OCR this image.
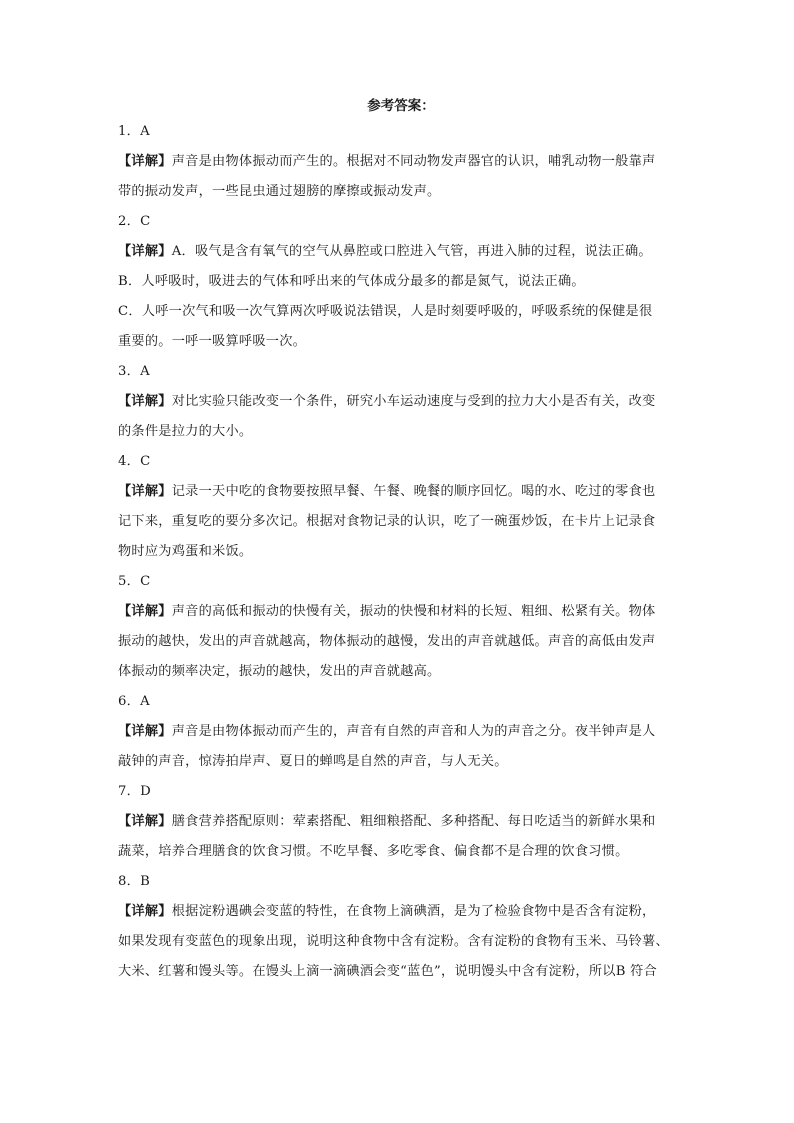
参考答案：
1．A
【详解】声音是由物体振动而产生的。根据对不同动物发声器官的认识，哺乳动物一般靠声
带的振动发声，一些昆虫通过翅膀的摩擦或振动发声。
2．C
【详解】A．吸气是含有氧气的空气从鼻腔或口腔进入气管，再进入肺的过程，说法正确。
B．人呼吸时，吸进去的气体和呼出来的气体成分最多的都是氮气，说法正确。
C．人呼一次气和吸一次气算两次呼吸说法错误，人是时刻要呼吸的，呼吸系统的保健是很
重要的。一呼一吸算呼吸一次。
3．A
【详解】对比实验只能改变一个条件，研究小车运动速度与受到的拉力大小是否有关，改变
的条件是拉力的大小。
4．C
【详解】记录一天中吃的食物要按照早餐、午餐、晚餐的顺序回忆。喝的水、吃过的零食也
记下来，重复吃的要分多次记。根据对食物记录的认识，吃了一碗蛋炒饭，在卡片上记录食
物时应为鸡蛋和米饭。
5．C
【详解】声音的高低和振动的快慢有关，振动的快慢和材料的长短、粗细、松紧有关。物体
振动的越快，发出的声音就越高，物体振动的越慢，发出的声音就越低。声音的高低由发声
体振动的频率决定，振动的越快，发出的声音就越高。
6．A
【详解】声音是由物体振动而产生的，声音有自然的声音和人为的声音之分。夜半钟声是人
敲钟的声音，惊涛拍岸声、夏日的蝉鸣是自然的声音，与人无关。
7．D
【详解】膳食营养搭配原则：荤素搭配、粗细粮搭配、多种搭配、每日吃适当的新鲜水果和
蔬菜，培养合理膳食的饮食习惯。不吃早餐、多吃零食、偏食都不是合理的饮食习惯。
8．B
【详解】根据淀粉遇碘会变蓝的特性，在食物上滴碘酒，是为了检验食物中是否含有淀粉，
如果发现有变蓝色的现象出现，说明这种食物中含有淀粉。含有淀粉的食物有玉米、马铃薯、
大米、红薯和馒头等。在馒头上滴一滴碘酒会变“蓝色”，说明馒头中含有淀粉，所以B 符合
